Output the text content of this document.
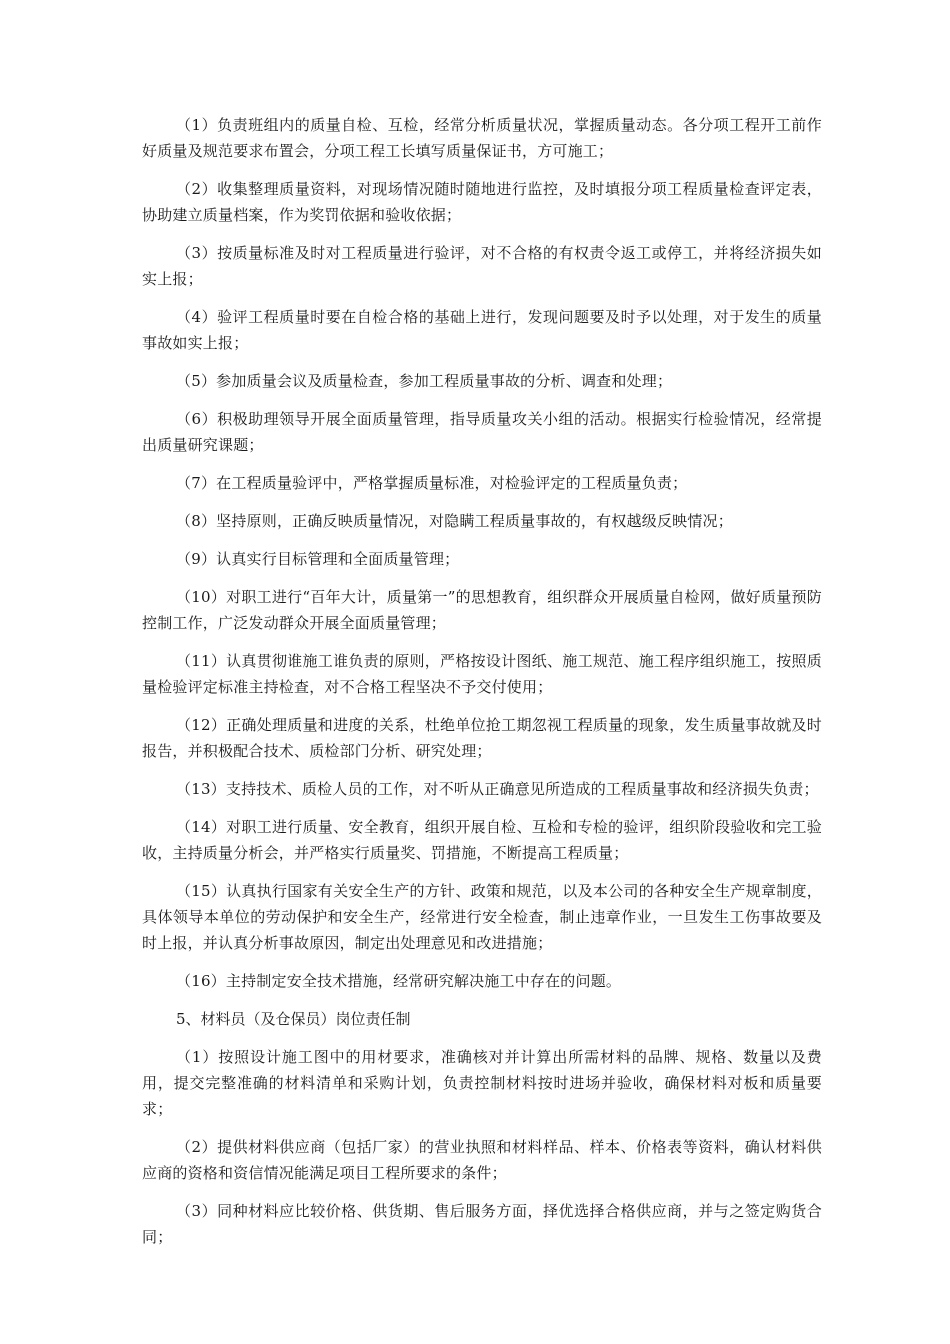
（1）负责班组内的质量自检、互检，经常分析质量状况，掌握质量动态。各分项工程开工前作好质量及规范要求布置会，分项工程工长填写质量保证书，方可施工；

（2）收集整理质量资料，对现场情况随时随地进行监控，及时填报分项工程质量检查评定表，协助建立质量档案，作为奖罚依据和验收依据；

（3）按质量标准及时对工程质量进行验评，对不合格的有权责令返工或停工，并将经济损失如实上报；

（4）验评工程质量时要在自检合格的基础上进行，发现问题要及时予以处理，对于发生的质量事故如实上报；

（5）参加质量会议及质量检查，参加工程质量事故的分析、调查和处理；

（6）积极助理领导开展全面质量管理，指导质量攻关小组的活动。根据实行检验情况，经常提出质量研究课题；

（7）在工程质量验评中，严格掌握质量标准，对检验评定的工程质量负责；

（8）坚持原则，正确反映质量情况，对隐瞒工程质量事故的，有权越级反映情况；

（9）认真实行目标管理和全面质量管理；

（10）对职工进行“百年大计，质量第一”的思想教育，组织群众开展质量自检网，做好质量预防控制工作，广泛发动群众开展全面质量管理；

（11）认真贯彻谁施工谁负责的原则，严格按设计图纸、施工规范、施工程序组织施工，按照质量检验评定标准主持检查，对不合格工程坚决不予交付使用；

（12）正确处理质量和进度的关系，杜绝单位抢工期忽视工程质量的现象，发生质量事故就及时报告，并积极配合技术、质检部门分析、研究处理；

（13）支持技术、质检人员的工作，对不听从正确意见所造成的工程质量事故和经济损失负责；

（14）对职工进行质量、安全教育，组织开展自检、互检和专检的验评，组织阶段验收和完工验收，主持质量分析会，并严格实行质量奖、罚措施，不断提高工程质量；

（15）认真执行国家有关安全生产的方针、政策和规范，以及本公司的各种安全生产规章制度，具体领导本单位的劳动保护和安全生产，经常进行安全检查，制止违章作业，一旦发生工伤事故要及时上报，并认真分析事故原因，制定出处理意见和改进措施；

（16）主持制定安全技术措施，经常研究解决施工中存在的问题。

5、材料员（及仓保员）岗位责任制

（1）按照设计施工图中的用材要求，准确核对并计算出所需材料的品牌、规格、数量以及费用，提交完整准确的材料清单和采购计划，负责控制材料按时进场并验收，确保材料对板和质量要求；

（2）提供材料供应商（包括厂家）的营业执照和材料样品、样本、价格表等资料，确认材料供应商的资格和资信情况能满足项目工程所要求的条件；

（3）同种材料应比较价格、供货期、售后服务方面，择优选择合格供应商，并与之签定购货合同；
